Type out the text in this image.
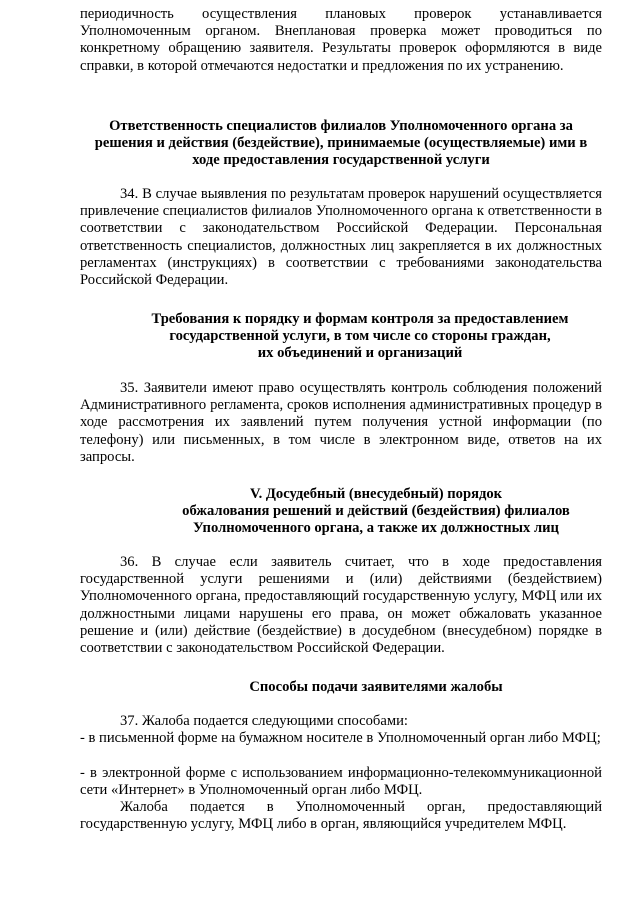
периодичность осуществления плановых проверок устанавливается Уполномоченным органом. Внеплановая проверка может проводиться по конкретному обращению заявителя. Результаты проверок оформляются в виде справки, в которой отмечаются недостатки и предложения по их устранению.

Ответственность специалистов филиалов Уполномоченного органа за
решения и действия (бездействие), принимаемые (осуществляемые) ими в
ходе предоставления государственной услуги

34. В случае выявления по результатам проверок нарушений осуществляется привлечение специалистов филиалов Уполномоченного органа к ответственности в соответствии с законодательством Российской Федерации. Персональная ответственность специалистов, должностных лиц закрепляется в их должностных регламентах (инструкциях) в соответствии с требованиями законодательства Российской Федерации.

Требования к порядку и формам контроля за предоставлением
государственной услуги, в том числе со стороны граждан,
их объединений и организаций

35. Заявители имеют право осуществлять контроль соблюдения положений Административного регламента, сроков исполнения административных процедур в ходе рассмотрения их заявлений путем получения устной информации (по телефону) или письменных, в том числе в электронном виде, ответов на их запросы.

V. Досудебный (внесудебный) порядок
обжалования решений и действий (бездействия) филиалов
Уполномоченного органа, а также их должностных лиц

36. В случае если заявитель считает, что в ходе предоставления государственной услуги решениями и (или) действиями (бездействием) Уполномоченного органа, предоставляющий государственную услугу, МФЦ или их должностными лицами нарушены его права, он может обжаловать указанное решение и (или) действие (бездействие) в досудебном (внесудебном) порядке в соответствии с законодательством Российской Федерации.

Способы подачи заявителями жалобы

37. Жалоба подается следующими способами:

- в письменной форме на бумажном носителе в Уполномоченный орган либо МФЦ;

- в электронной форме с использованием информационно-телекоммуникационной сети «Интернет» в Уполномоченный орган либо МФЦ.

Жалоба подается в Уполномоченный орган, предоставляющий государственную услугу, МФЦ либо в орган, являющийся учредителем МФЦ.
